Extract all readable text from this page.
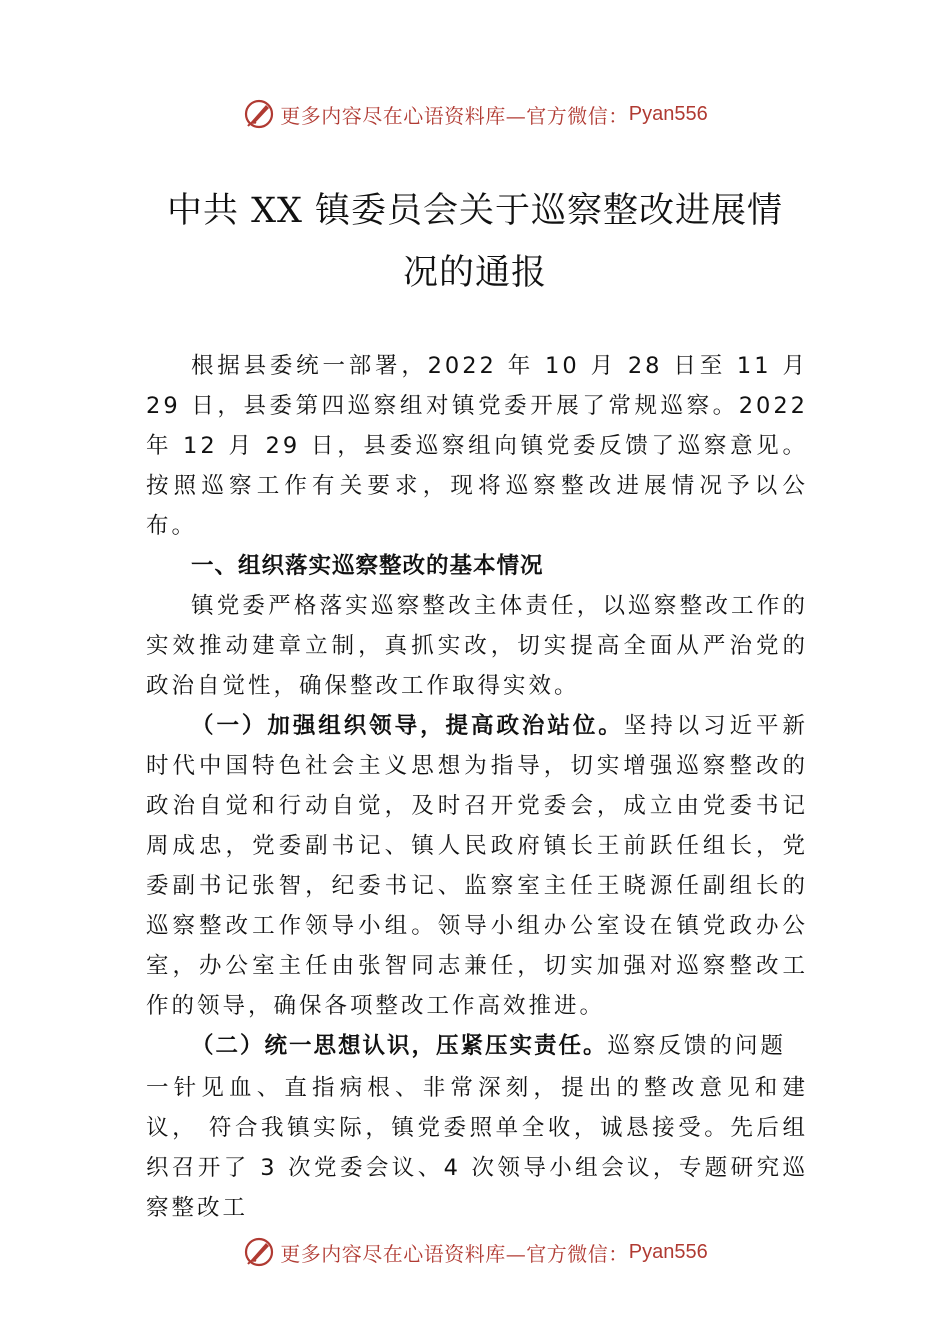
更多内容尽在心语资料库—官方微信： Pyan556
中共 XX 镇委员会关于巡察整改进展情
况的通报

根据县委统一部署，2022 年 10 月 28 日至 11 月 29 日，县委第四巡察组对镇党委开展了常规巡察。2022 年 12 月 29 日，县委巡察组向镇党委反馈了巡察意见。按照巡察工作有关要求，现将巡察整改进展情况予以公布。

一、组织落实巡察整改的基本情况

镇党委严格落实巡察整改主体责任，以巡察整改工作的实效推动建章立制，真抓实改，切实提高全面从严治党的政治自觉性，确保整改工作取得实效。

（一）加强组织领导，提高政治站位。坚持以习近平新时代中国特色社会主义思想为指导，切实增强巡察整改的政治自觉和行动自觉，及时召开党委会，成立由党委书记周成忠，党委副书记、镇人民政府镇长王前跃任组长，党委副书记张智，纪委书记、监察室主任王晓源任副组长的巡察整改工作领导小组。领导小组办公室设在镇党政办公室，办公室主任由张智同志兼任，切实加强对巡察整改工作的领导，确保各项整改工作高效推进。

（二）统一思想认识，压紧压实责任。巡察反馈的问题

一针见血、直指病根、非常深刻，提出的整改意见和建议， 符合我镇实际，镇党委照单全收，诚恳接受。先后组织召开了 3 次党委会议、4 次领导小组会议，专题研究巡察整改工

更多内容尽在心语资料库—官方微信： Pyan556
